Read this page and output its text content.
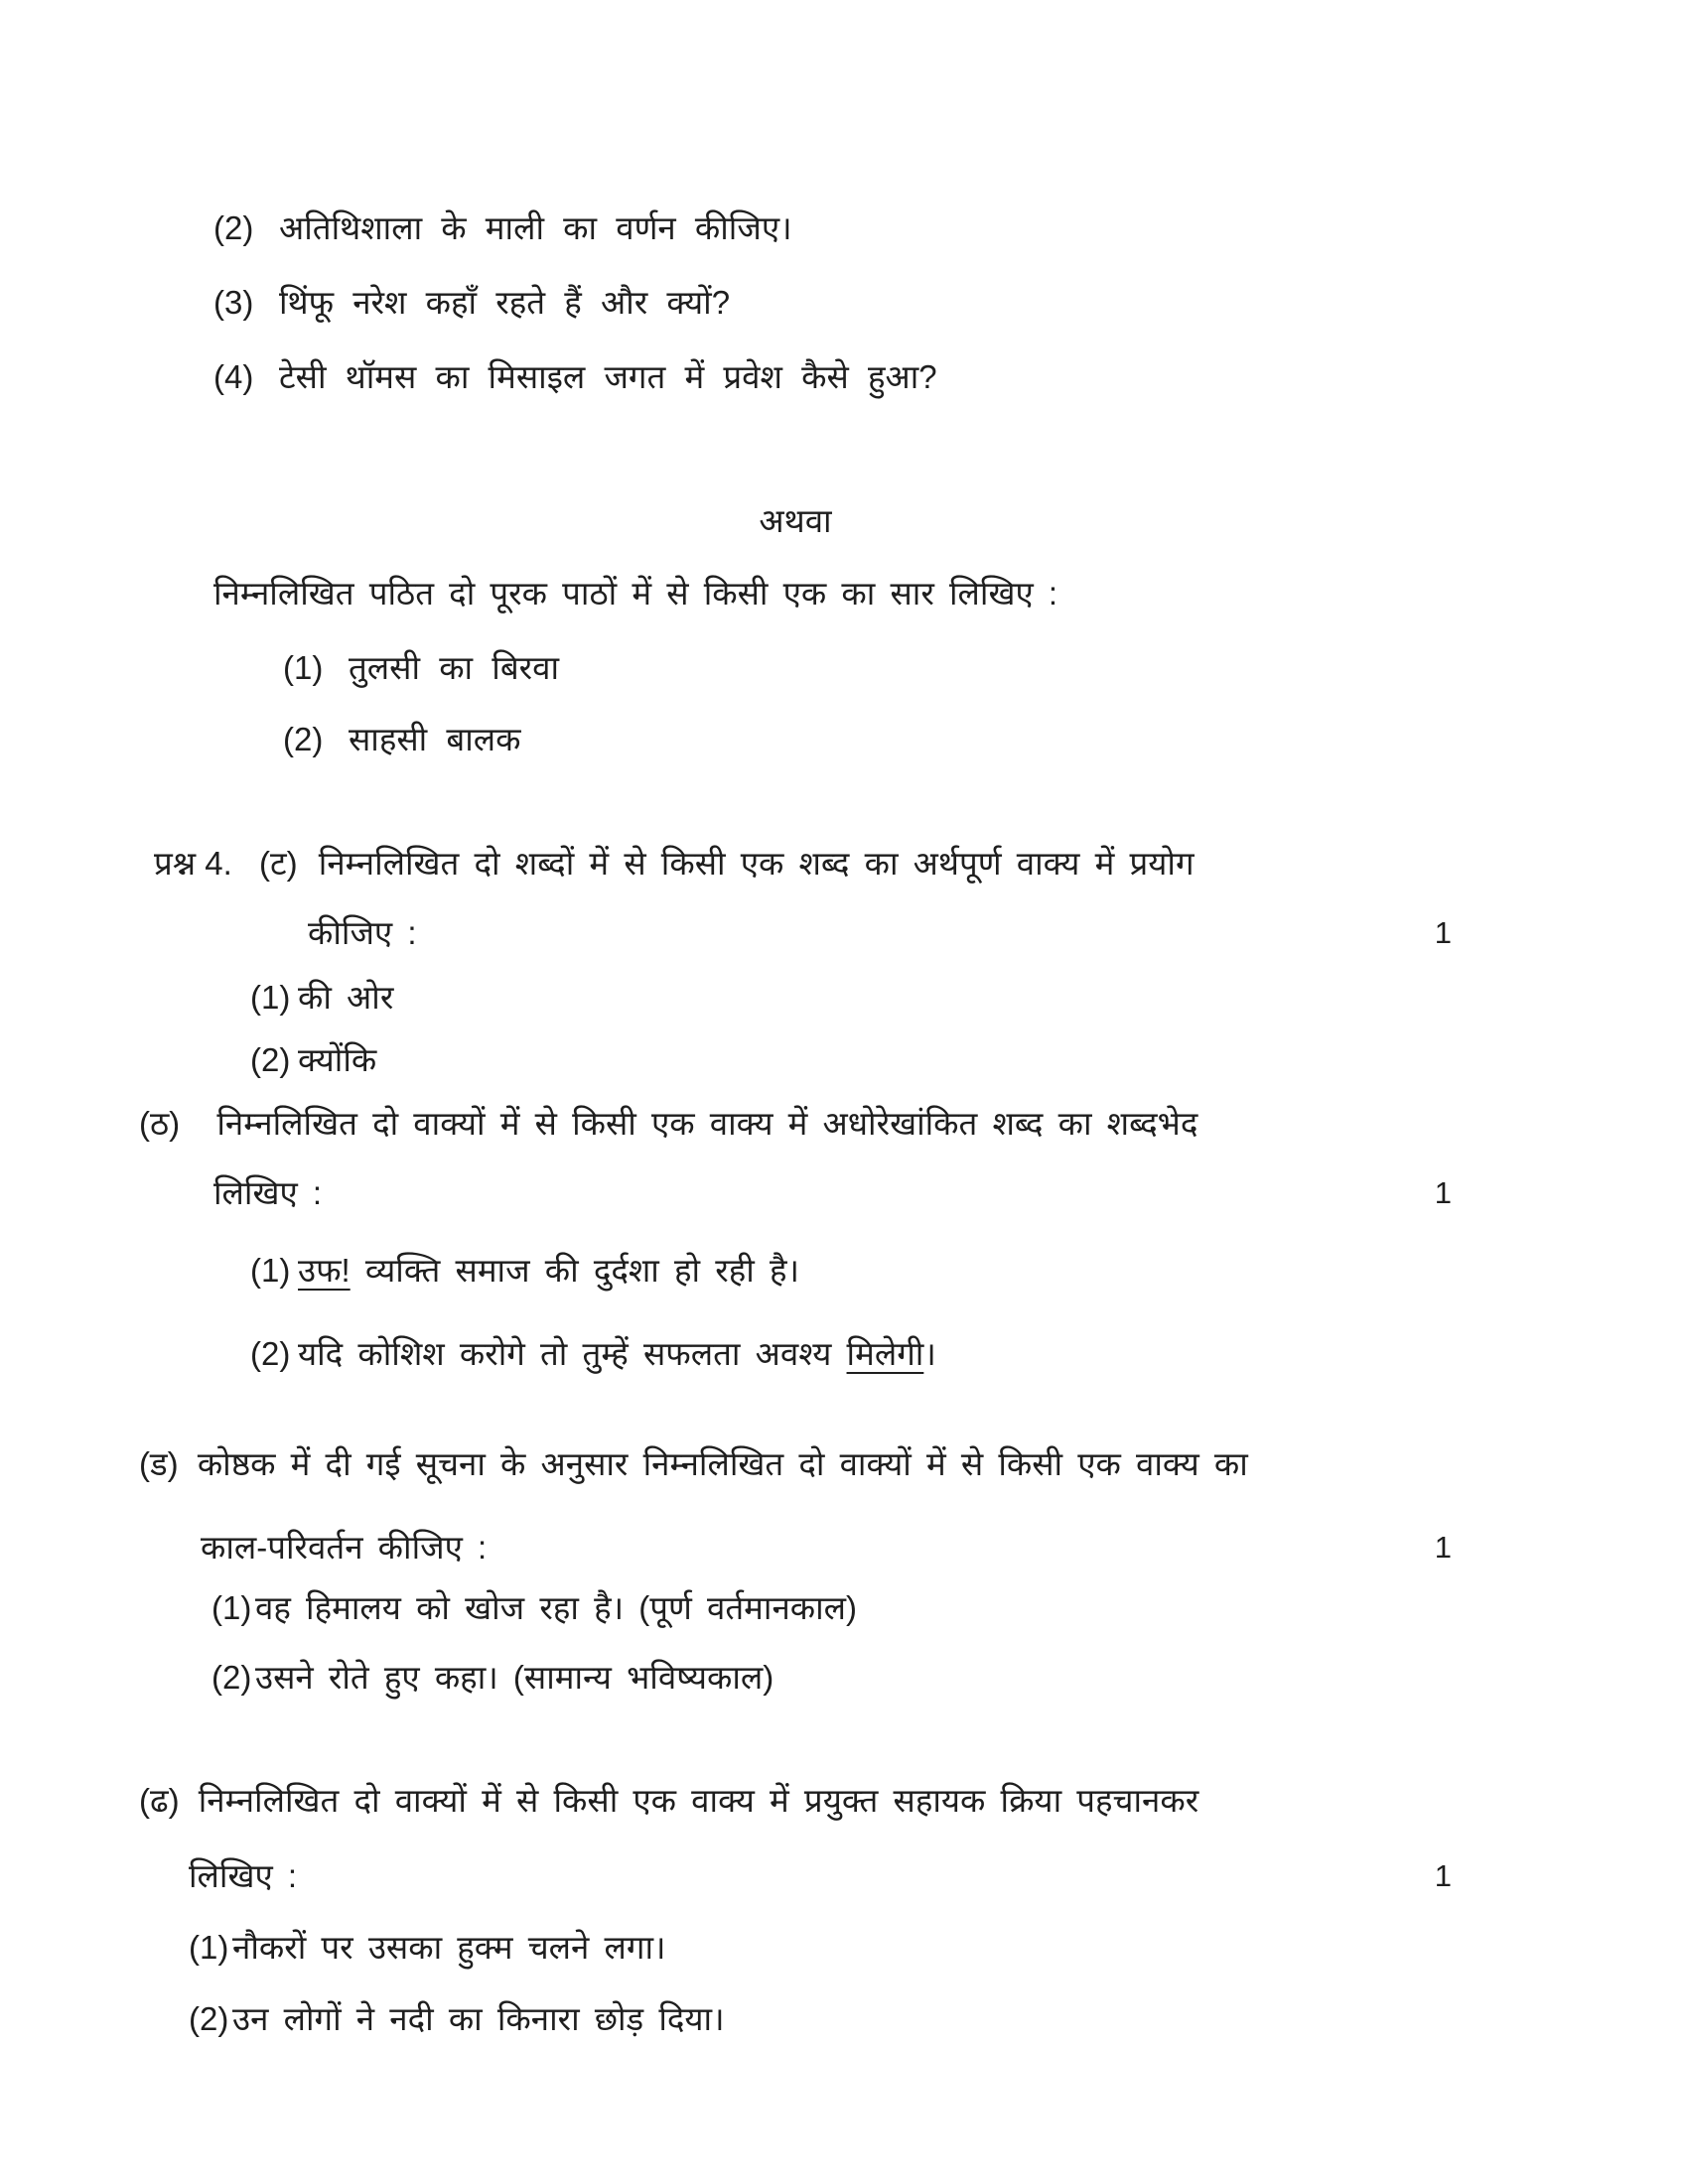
(2) अतिथिशाला के माली का वर्णन कीजिए।
(3) थिंफू नरेश कहाँ रहते हैं और क्यों?
(4) टेसी थॉमस का मिसाइल जगत में प्रवेश कैसे हुआ?
अथवा
निम्नलिखित पठित दो पूरक पाठों में से किसी एक का सार लिखिए :
(1) तुलसी का बिरवा
(2) साहसी बालक
प्रश्न 4. (ट) निम्नलिखित दो शब्दों में से किसी एक शब्द का अर्थपूर्ण वाक्य में प्रयोग
कीजिए :	1
(1) की ओर
(2) क्योंकि
(ठ) निम्नलिखित दो वाक्यों में से किसी एक वाक्य में अधोरेखांकित शब्द का शब्दभेद
लिखिए :	1
(1) उफ! व्यक्ति समाज की दुर्दशा हो रही है।
(2) यदि कोशिश करोगे तो तुम्हें सफलता अवश्य मिलेगी।
(ड) कोष्ठक में दी गई सूचना के अनुसार निम्नलिखित दो वाक्यों में से किसी एक वाक्य का
काल-परिवर्तन कीजिए :	1
(1) वह हिमालय को खोज रहा है। (पूर्ण वर्तमानकाल)
(2) उसने रोते हुए कहा। (सामान्य भविष्यकाल)
(ढ) निम्नलिखित दो वाक्यों में से किसी एक वाक्य में प्रयुक्त सहायक क्रिया पहचानकर
लिखिए :	1
(1) नौकरों पर उसका हुक्म चलने लगा।
(2) उन लोगों ने नदी का किनारा छोड़ दिया।
